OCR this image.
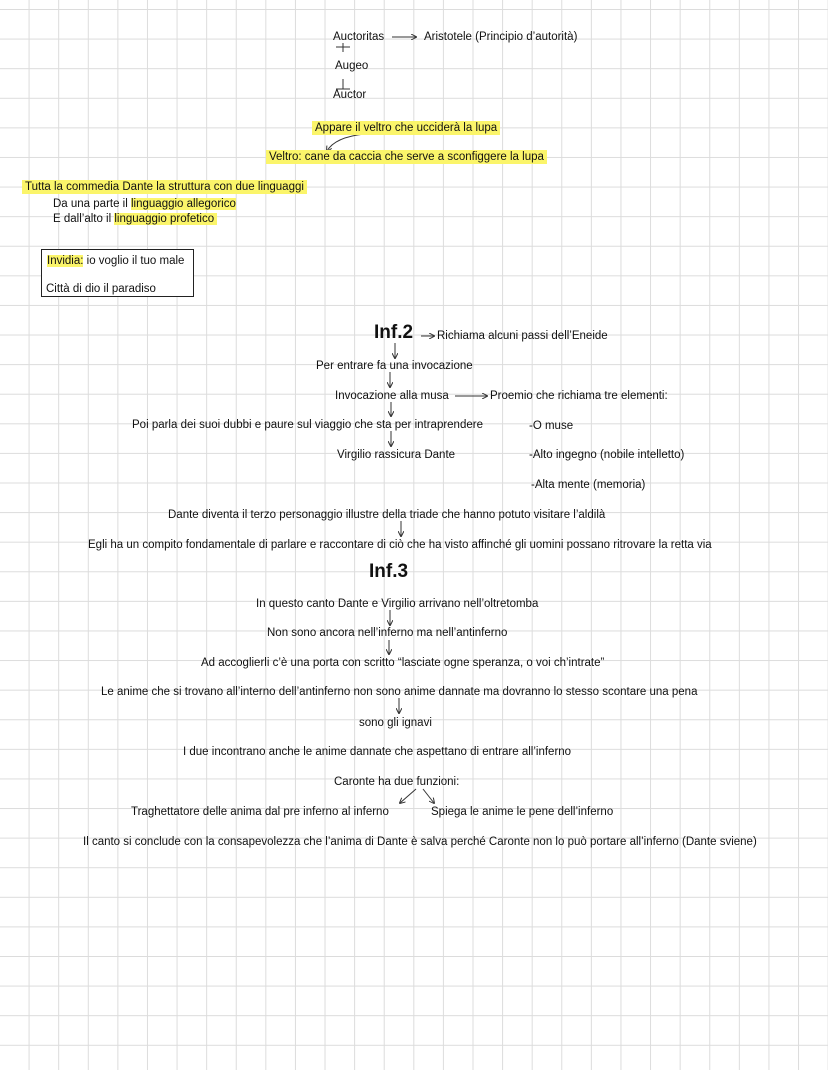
Auctoritas	Aristotele (Principio d’autorità)
Augeo
Auctor
Appare il veltro che ucciderà la lupa
Veltro: cane da caccia che serve a sconfiggere la lupa
Tutta la commedia Dante la struttura con due linguaggi
Da una parte il linguaggio allegorico
E dall’alto il linguaggio profetico
Invidia: io voglio il tuo male
Città di dio il paradiso
Inf.2 Richiama alcuni passi dell’Eneide
Per entrare fa una invocazione
Invocazione alla musa	Proemio che richiama tre elementi:
Poi parla dei suoi dubbi e paure sul viaggio che sta per intraprendere	-O muse
Virgilio rassicura Dante	-Alto ingegno (nobile intelletto)
-Alta mente (memoria)
Dante diventa il terzo personaggio illustre della triade che hanno potuto visitare l’aldilà
Egli ha un compito fondamentale di parlare e raccontare di ciò che ha visto affinché gli uomini possano ritrovare la retta via
Inf.3
In questo canto Dante e Virgilio arrivano nell’oltretomba
Non sono ancora nell’inferno ma nell’antinferno
Ad accoglierli c’è una porta con scritto “lasciate ogne speranza, o voi ch’intrate”
Le anime che si trovano all’interno dell’antinferno non sono anime dannate ma dovranno lo stesso scontare una pena
sono gli ignavi
I due incontrano anche le anime dannate che aspettano di entrare all’inferno
Caronte ha due funzioni:
Traghettatore delle anima dal pre inferno al inferno	Spiega le anime le pene dell’inferno
Il canto si conclude con la consapevolezza che l’anima di Dante è salva perché Caronte non lo può portare all’inferno (Dante sviene)
